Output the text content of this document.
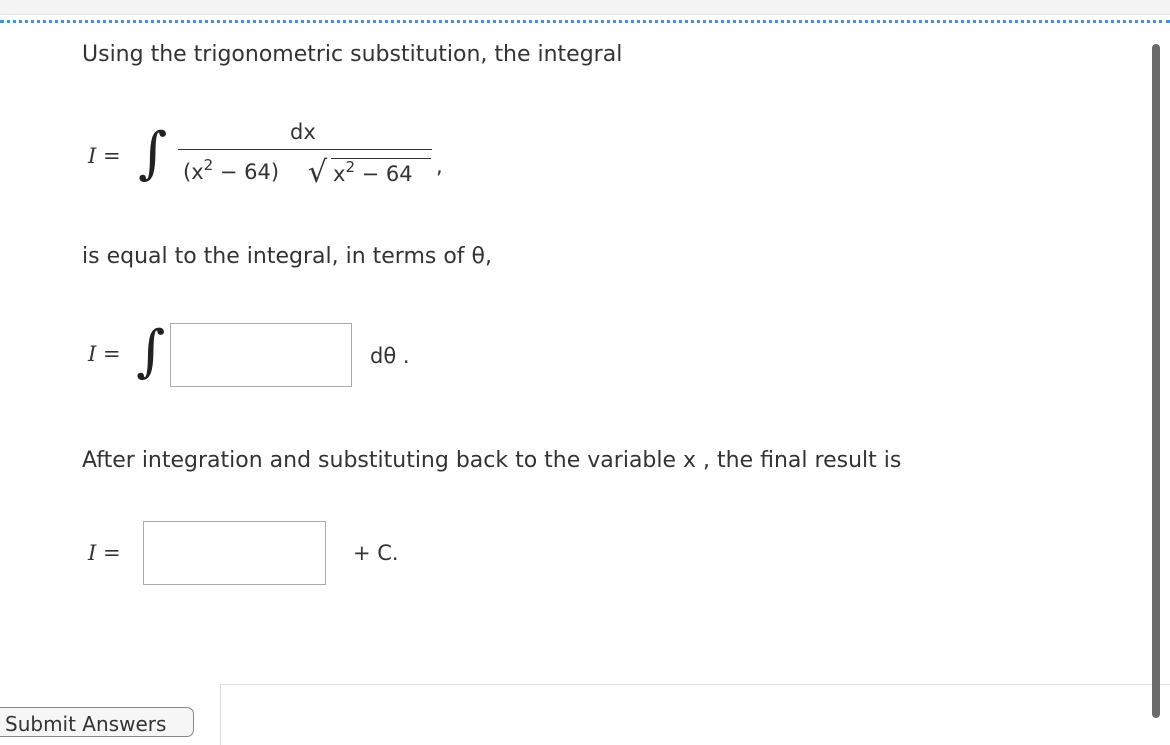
Using the trigonometric substitution, the integral
I = ∫	dx
$(x^2 - 64)$ √ $x^2 - 64$ ,
is equal to the integral, in terms of θ,
I = ∫	dθ .
After integration and substituting back to the variable x , the final result is
I =	+ C.
Submit Answers
